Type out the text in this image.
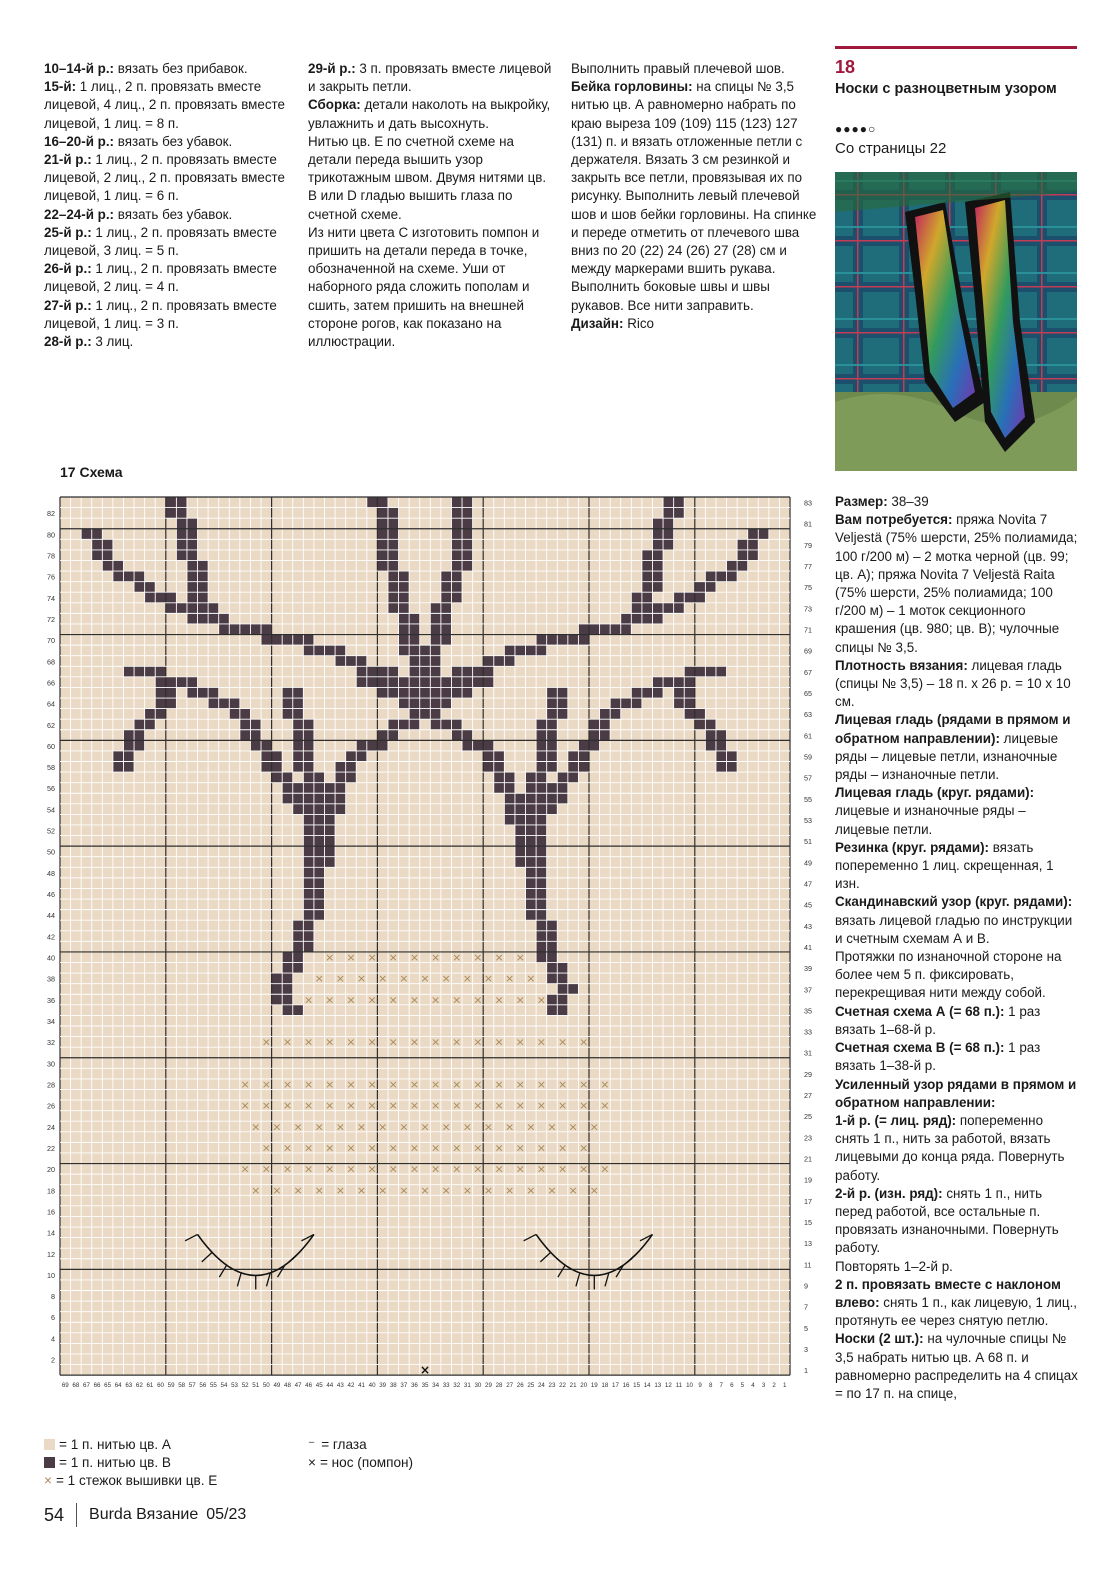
10–14-й р.: вязать без прибавок.

15-й: 1 лиц., 2 п. провязать вместе лицевой, 4 лиц., 2 п. провязать вместе лицевой, 1 лиц. = 8 п.

16–20-й р.: вязать без убавок.

21-й р.: 1 лиц., 2 п. провязать вместе лицевой, 2 лиц., 2 п. провязать вместе лицевой, 1 лиц. = 6 п.

22–24-й р.: вязать без убавок.

25-й р.: 1 лиц., 2 п. провязать вместе лицевой, 3 лиц. = 5 п.

26-й р.: 1 лиц., 2 п. провязать вместе лицевой, 2 лиц. = 4 п.

27-й р.: 1 лиц., 2 п. провязать вместе лицевой, 1 лиц. = 3 п.

28-й р.: 3 лиц.

29-й р.: 3 п. провязать вместе лицевой и закрыть петли.

Сборка: детали наколоть на выкройку, увлажнить и дать высохнуть.

Нитью цв. Е по счетной схеме на детали переда вышить узор трикотажным швом. Двумя нитями цв. В или D гладью вышить глаза по счетной схеме.

Из нити цвета С изготовить помпон и пришить на детали переда в точке, обозначенной на схеме. Уши от наборного ряда сложить пополам и сшить, затем пришить на внешней стороне рогов, как показано на иллюстрации.

Выполнить правый плечевой шов.

Бейка горловины: на спицы № 3,5 нитью цв. А равномерно набрать по краю выреза 109 (109) 115 (123) 127 (131) п. и вязать отложенные петли с держателя. Вязать 3 см резинкой и закрыть все петли, провязывая их по рисунку. Выполнить левый плечевой шов и шов бейки горловины. На спинке и переде отметить от плечевого шва вниз по 20 (22) 24 (26) 27 (28) см и между маркерами вшить рукава. Выполнить боковые швы и швы рукавов. Все нити заправить.

Дизайн: Rico

18
Носки с разноцветным узором
●●●●○
Со страницы 22
17 Схема
×
×
×
×
×
×
×
×
×
×
×
×
×
×
×
×
×
×
×
×
×
×
×
×
×
×
×
×
×
×
×
×
×
×
×
×
×
×
×
×
×
×
×
×
×
×
×
×
×
×
×
×
×
×
×
×
×
×
×
×
×
×
×
×
×
×
×
×
×
×
×
×
×
×
×
×
×
×
×
×
×
×
×
×
×
×
×
×
×
×
×
×
×
×
×
×
×
×
×
×
×
×
×
×
×
×
×
×
×
×
×
×
×
×
×
×
×
×
×
×
×
×
×
×
×
×
×
×
×
×
×
×
×
×
×
×
×
×
×
×
×
×
×
×
×
×
×
×
×
×
×
×
×
×
82
80
78
76
74
72
70
68
66
64
62
60
58
56
54
52
50
48
46
44
42
40
38
36
34
32
30
28
26
24
22
20
18
16
14
12
10
8
6
4
2
83
81
79
77
75
73
71
69
67
65
63
61
59
57
55
53
51
49
47
45
43
41
39
37
35
33
31
29
27
25
23
21
19
17
15
13
11
9
7
5
3
1
69 68 67 66 65 64 63 62 61 60 59 58 57 56 55 54 53 52 51 50 49 48 47 46 45 44 43 42 41 40 39 38 37 36 35 34 33 32 31 30 29 28 27 26 25 24 23 22 21 20 19 18 17 16 15 14 13 12 11 10 9 8 7 6 5 4 3 2 1

Размер: 38–39

Вам потребуется: пряжа Novita 7 Veljestä (75% шерсти, 25% полиамида; 100 г/200 м) – 2 мотка черной (цв. 99; цв. А); пряжа Novita 7 Veljestä Raita (75% шерсти, 25% полиамида; 100 г/200 м) – 1 моток секционного крашения (цв. 980; цв. В); чулочные спицы № 3,5.

Плотность вязания: лицевая гладь (спицы № 3,5) – 18 п. х 26 р. = 10 х 10 см.

Лицевая гладь (рядами в прямом и обратном направлении): лицевые ряды – лицевые петли, изнаночные ряды – изнаночные петли.

Лицевая гладь (круг. рядами): лицевые и изнаночные ряды – лицевые петли.

Резинка (круг. рядами): вязать попеременно 1 лиц. скрещенная, 1 изн.

Скандинавский узор (круг. рядами): вязать лицевой гладью по инструкции и счетным схемам А и В.

Протяжки по изнаночной стороне на более чем 5 п. фиксировать, перекрещивая нити между собой.

Счетная схема А (= 68 п.): 1 раз вязать 1–68-й р.

Счетная схема В (= 68 п.): 1 раз вязать 1–38-й р.

Усиленный узор рядами в прямом и обратном направлении:

1-й р. (= лиц. ряд): попеременно снять 1 п., нить за работой, вязать лицевыми до конца ряда. Повернуть работу.

2-й р. (изн. ряд): снять 1 п., нить перед работой, все остальные п. провязать изнаночными. Повернуть работу.

Повторять 1–2-й р.

2 п. провязать вместе с наклоном влево: снять 1 п., как лицевую, 1 лиц., протянуть ее через снятую петлю.

Носки (2 шт.): на чулочные спицы № 3,5 набрать нитью цв. А 68 п. и равномерно распределить на 4 спицах = по 17 п. на спице,

= 1 п. нитью цв. А
= 1 п. нитью цв. В
× = 1 стежок вышивки цв. Е
⁻ = глаза
× = нос (помпон)
54 Burda Вязание 05/23
